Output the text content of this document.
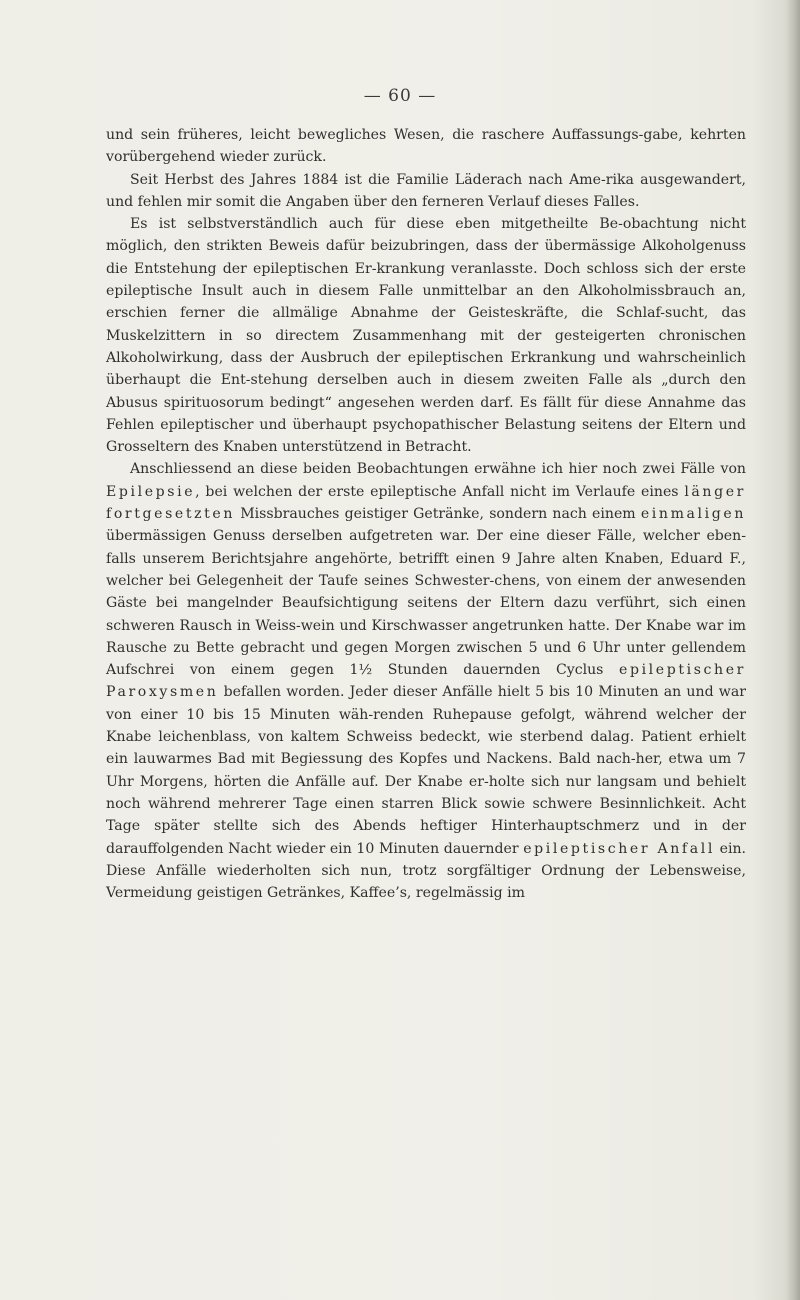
— 60 —

und sein früheres, leicht bewegliches Wesen, die raschere Auffassungs-gabe, kehrten vorübergehend wieder zurück.

Seit Herbst des Jahres 1884 ist die Familie Läderach nach Ame-rika ausgewandert, und fehlen mir somit die Angaben über den ferneren Verlauf dieses Falles.

Es ist selbstverständlich auch für diese eben mitgetheilte Be-obachtung nicht möglich, den strikten Beweis dafür beizubringen, dass der übermässige Alkoholgenuss die Entstehung der epileptischen Er-krankung veranlasste. Doch schloss sich der erste epileptische Insult auch in diesem Falle unmittelbar an den Alkoholmissbrauch an, erschien ferner die allmälige Abnahme der Geisteskräfte, die Schlaf-sucht, das Muskelzittern in so directem Zusammenhang mit der gesteigerten chronischen Alkoholwirkung, dass der Ausbruch der epileptischen Erkrankung und wahrscheinlich überhaupt die Ent-stehung derselben auch in diesem zweiten Falle als „durch den Abusus spirituosorum bedingt“ angesehen werden darf. Es fällt für diese Annahme das Fehlen epileptischer und überhaupt psychopathischer Belastung seitens der Eltern und Grosseltern des Knaben unterstützend in Betracht.

Anschliessend an diese beiden Beobachtungen erwähne ich hier noch zwei Fälle von Epilepsie, bei welchen der erste epileptische Anfall nicht im Verlaufe eines länger fortgesetzten Missbrauches geistiger Getränke, sondern nach einem einmaligen übermässigen Genuss derselben aufgetreten war. Der eine dieser Fälle, welcher eben-falls unserem Berichtsjahre angehörte, betrifft einen 9 Jahre alten Knaben, Eduard F., welcher bei Gelegenheit der Taufe seines Schwester-chens, von einem der anwesenden Gäste bei mangelnder Beaufsichtigung seitens der Eltern dazu verführt, sich einen schweren Rausch in Weiss-wein und Kirschwasser angetrunken hatte. Der Knabe war im Rausche zu Bette gebracht und gegen Morgen zwischen 5 und 6 Uhr unter gellendem Aufschrei von einem gegen 1½ Stunden dauernden Cyclus epileptischer Paroxysmen befallen worden. Jeder dieser Anfälle hielt 5 bis 10 Minuten an und war von einer 10 bis 15 Minuten wäh-renden Ruhepause gefolgt, während welcher der Knabe leichenblass, von kaltem Schweiss bedeckt, wie sterbend dalag. Patient erhielt ein lauwarmes Bad mit Begiessung des Kopfes und Nackens. Bald nach-her, etwa um 7 Uhr Morgens, hörten die Anfälle auf. Der Knabe er-holte sich nur langsam und behielt noch während mehrerer Tage einen starren Blick sowie schwere Besinnlichkeit. Acht Tage später stellte sich des Abends heftiger Hinterhauptschmerz und in der darauffolgenden Nacht wieder ein 10 Minuten dauernder epileptischer Anfall ein. Diese Anfälle wiederholten sich nun, trotz sorgfältiger Ordnung der Lebensweise, Vermeidung geistigen Getränkes, Kaffee’s, regelmässig im
